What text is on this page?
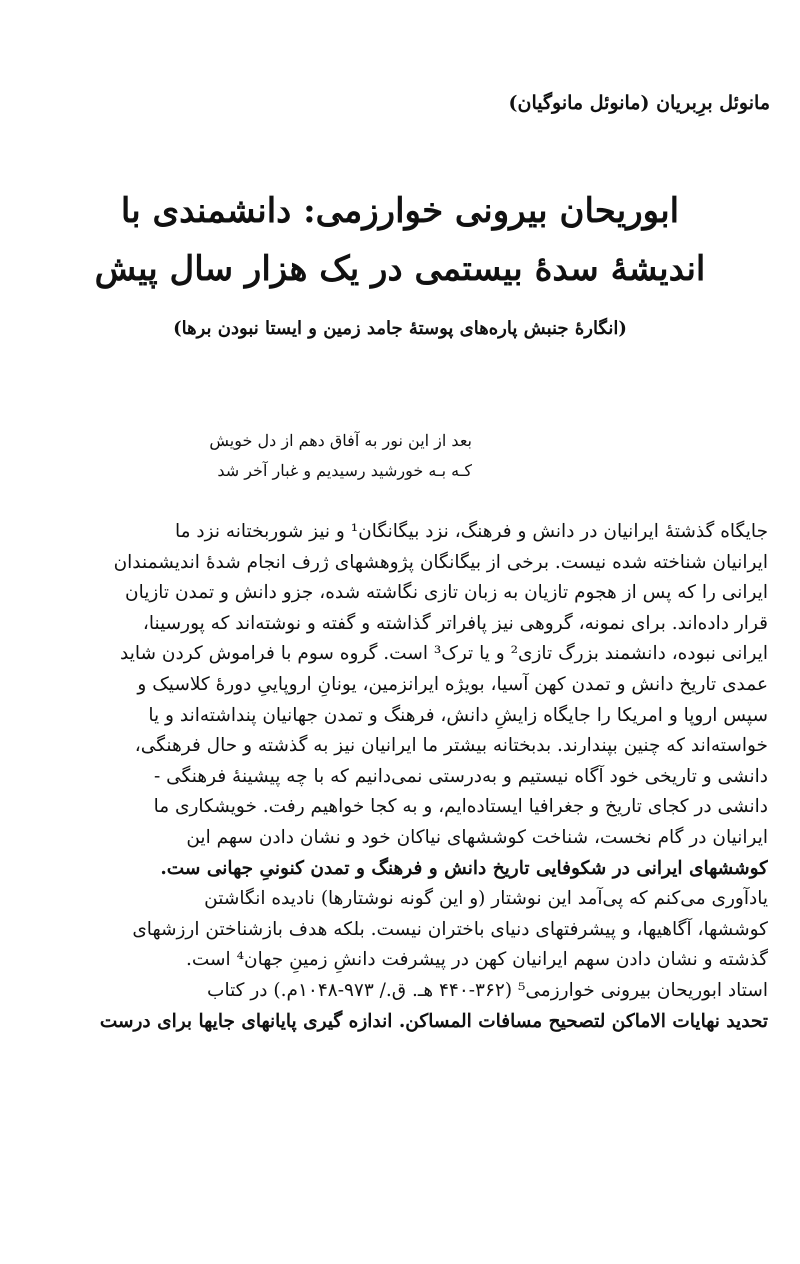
مانوئل برِبریان (مانوئل مانوگیان)
ابوریحان بیرونی خوارزمی: دانشمندی با
اندیشهٔ سدهٔ بیستمی در یک هزار سال پیش
(انگارهٔ جنبش پاره‌های پوستهٔ جامد زمین و ایستا نبودن برها)
بعد از این نور به آفاق دهم از دل خویش
کـه بـه خورشید رسیدیم و غبار آخر شد
جایگاه گذشتهٔ ایرانیان در دانش و فرهنگ، نزد بیگانگان¹ و نیز شوربختانه نزد ما
ایرانیان شناخته شده نیست. برخی از بیگانگان پژوهشهای ژرف انجام شدهٔ اندیشمندان
ایرانی را که پس از هجوم تازیان به زبان تازی نگاشته شده، جزو دانش و تمدن تازیان
قرار داده‌اند. برای نمونه، گروهی نیز پافراتر گذاشته و گفته و نوشته‌اند که پورسینا،
ایرانی نبوده، دانشمند بزرگ تازی² و یا ترک³ است. گروه سوم با فراموش کردن شاید
عمدی تاریخ دانش و تمدن کهن آسیا، بویژه ایرانزمین، یونانِ اروپاییِ دورهٔ کلاسیک و
سپس اروپا و امریکا را جایگاه زایشِ دانش، فرهنگ و تمدن جهانیان پنداشته‌اند و یا
خواسته‌اند که چنین بپندارند. بدبختانه بیشتر ما ایرانیان نیز به گذشته و حال فرهنگی،
دانشی و تاریخی خود آگاه نیستیم و به‌درستی نمی‌دانیم که با چه پیشینهٔ فرهنگی -
دانشی در کجای تاریخ و جغرافیا ایستاده‌ایم، و به کجا خواهیم رفت. خویشکاری ما
ایرانیان در گام نخست، شناخت کوششهای نیاکان خود و نشان دادن سهم این
کوششهای ایرانی در شکوفایی تاریخ دانش و فرهنگ و تمدن کنونیِ جهانی ست.
یادآوری می‌کنم که پی‌آمد این نوشتار (و این گونه نوشتارها) نادیده انگاشتن
کوششها، آگاهیها، و پیشرفتهای دنیای باختران نیست. بلکه هدف بازشناختن ارزشهای
گذشته و نشان دادن سهم ایرانیان کهن در پیشرفت دانشِ زمینِ جهان⁴ است.
استاد ابوریحان بیرونی خوارزمی⁵ (۳۶۲-۴۴۰ هـ. ق./ ۹۷۳-۱۰۴۸م.) در کتاب
تحدید نهایات الاماکن لتصحیح مسافات المساکن. اندازه گیری پایانهای جایها برای درست
